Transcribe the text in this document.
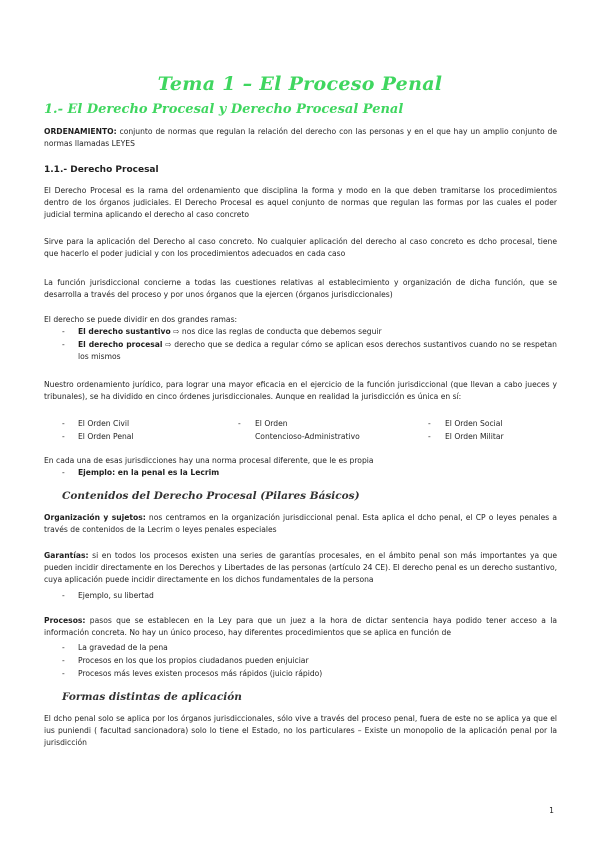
Tema 1 – El Proceso Penal
1.- El Derecho Procesal y Derecho Procesal Penal

ORDENAMIENTO: conjunto de normas que regulan la relación del derecho con las personas y en el que hay un amplio conjunto de normas llamadas LEYES

1.1.- Derecho Procesal

El Derecho Procesal es la rama del ordenamiento que disciplina la forma y modo en la que deben tramitarse los procedimientos dentro de los órganos judiciales. El Derecho Procesal es aquel conjunto de normas que regulan las formas por las cuales el poder judicial termina aplicando el derecho al caso concreto

Sirve para la aplicación del Derecho al caso concreto. No cualquier aplicación del derecho al caso concreto es dcho procesal, tiene que hacerlo el poder judicial y con los procedimientos adecuados en cada caso

La función jurisdiccional concierne a todas las cuestiones relativas al establecimiento y organización de dicha función, que se desarrolla a través del proceso y por unos órganos que la ejercen (órganos jurisdiccionales)

El derecho se puede dividir en dos grandes ramas:

- El derecho sustantivo ⇨ nos dice las reglas de conducta que debemos seguir

- El derecho procesal ⇨ derecho que se dedica a regular cómo se aplican esos derechos sustantivos cuando no se respetan los mismos

Nuestro ordenamiento jurídico, para lograr una mayor eficacia en el ejercicio de la función jurisdiccional (que llevan a cabo jueces y tribunales), se ha dividido en cinco órdenes jurisdiccionales. Aunque en realidad la jurisdicción es única en sí:

- El Orden Civil
- El Orden Penal
- El Orden
Contencioso-Administrativo
- El Orden Social
- El Orden Militar

En cada una de esas jurisdicciones hay una norma procesal diferente, que le es propia

- Ejemplo: en la penal es la Lecrim
Contenidos del Derecho Procesal (Pilares Básicos)

Organización y sujetos: nos centramos en la organización jurisdiccional penal. Esta aplica el dcho penal, el CP o leyes penales a través de contenidos de la Lecrim o leyes penales especiales

Garantías: si en todos los procesos existen una series de garantías procesales, en el ámbito penal son más importantes ya que pueden incidir directamente en los Derechos y Libertades de las personas (artículo 24 CE). El derecho penal es un derecho sustantivo, cuya aplicación puede incidir directamente en los dichos fundamentales de la persona

- Ejemplo, su libertad

Procesos: pasos que se establecen en la Ley para que un juez a la hora de dictar sentencia haya podido tener acceso a la información concreta. No hay un único proceso, hay diferentes procedimientos que se aplica en función de

- La gravedad de la pena
- Procesos en los que los propios ciudadanos pueden enjuiciar
- Procesos más leves existen procesos más rápidos (juicio rápido)
Formas distintas de aplicación

El dcho penal solo se aplica por los órganos jurisdiccionales, sólo vive a través del proceso penal, fuera de este no se aplica ya que el ius puniendi ( facultad sancionadora) solo lo tiene el Estado, no los particulares – Existe un monopolio de la aplicación penal por la jurisdicción

1
